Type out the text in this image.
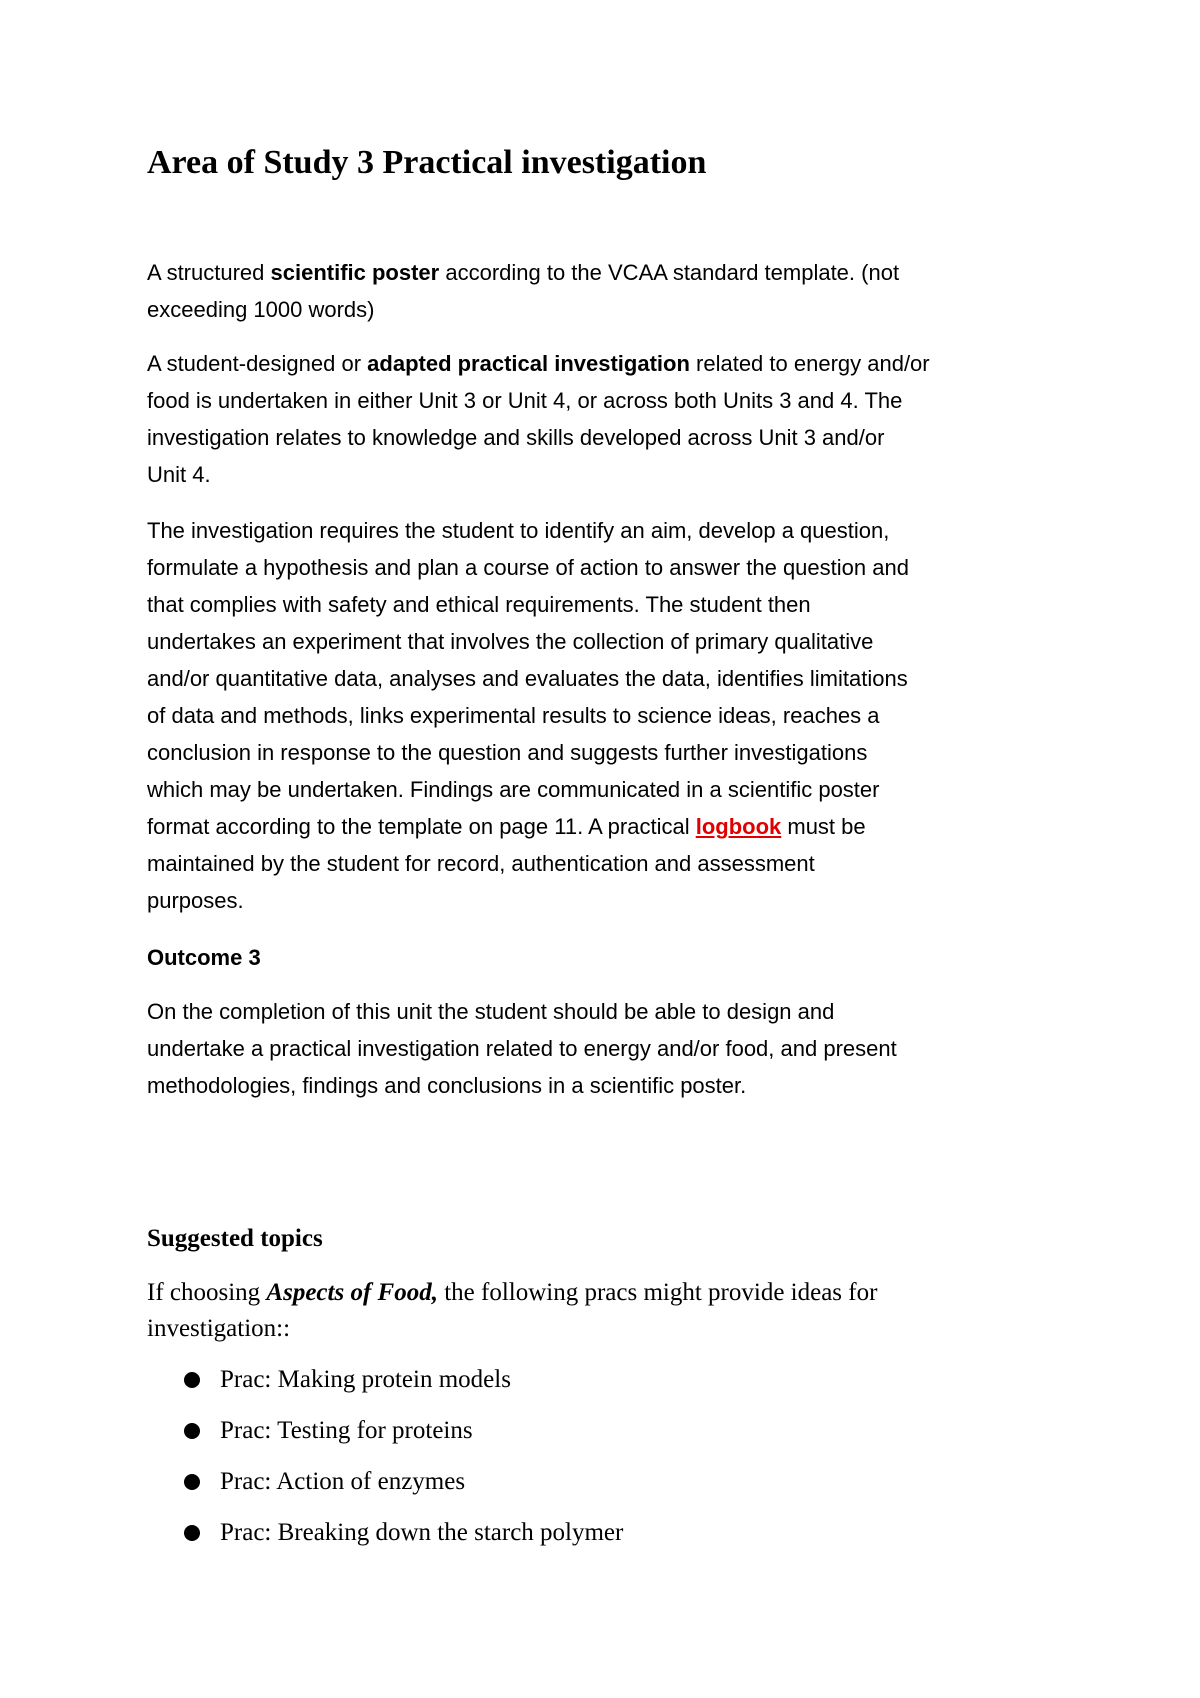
Area of Study 3 Practical investigation

A structured scientific poster according to the VCAA standard template. (not
exceeding 1000 words)

A student-designed or adapted practical investigation related to energy and/or
food is undertaken in either Unit 3 or Unit 4, or across both Units 3 and 4. The
investigation relates to knowledge and skills developed across Unit 3 and/or
Unit 4.

The investigation requires the student to identify an aim, develop a question,
formulate a hypothesis and plan a course of action to answer the question and
that complies with safety and ethical requirements. The student then
undertakes an experiment that involves the collection of primary qualitative
and/or quantitative data, analyses and evaluates the data, identifies limitations
of data and methods, links experimental results to science ideas, reaches a
conclusion in response to the question and suggests further investigations
which may be undertaken. Findings are communicated in a scientific poster
format according to the template on page 11. A practical logbook must be
maintained by the student for record, authentication and assessment
purposes.

Outcome 3

On the completion of this unit the student should be able to design and
undertake a practical investigation related to energy and/or food, and present
methodologies, findings and conclusions in a scientific poster.

Suggested topics

If choosing Aspects of Food, the following pracs might provide ideas for
investigation::

Prac: Making protein models
Prac: Testing for proteins
Prac: Action of enzymes
Prac: Breaking down the starch polymer
